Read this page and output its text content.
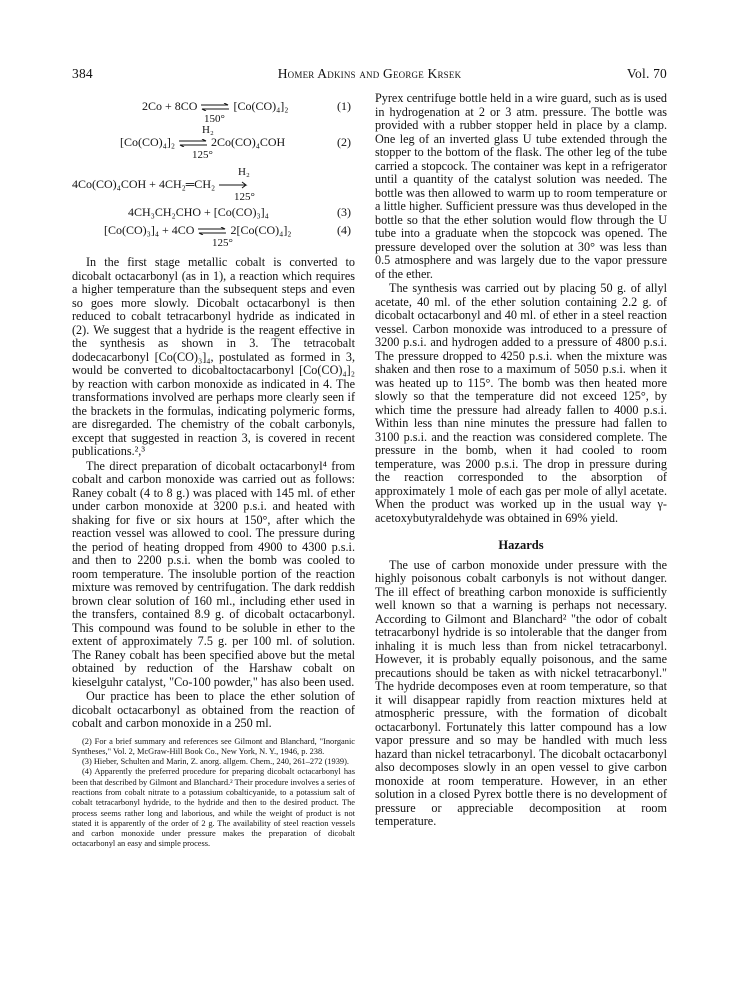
384	Homer Adkins and George Krsek	Vol. 70
2Co + 8CO ⇌ [Co(CO)₄]₂
150°
(1)
H₂
[Co(CO)₄]₂ ⇌ 2Co(CO)₄COH
125°
(2)
H₂
4Co(CO)₄COH + 4CH₂═CH₂ →
125°
4CH₃CH₂CHO + [Co(CO)₃]₄	(3)
[Co(CO)₃]₄ + 4CO ⇌ 2[Co(CO)₄]₂
125°
(4)

In the first stage metallic cobalt is converted to dicobalt octacarbonyl (as in 1), a reaction which requires a higher temperature than the subsequent steps and even so goes more slowly. Dicobalt octacarbonyl is then reduced to cobalt tetracarbonyl hydride as indicated in (2). We suggest that a hydride is the reagent effective in the synthesis as shown in 3. The tetracobalt dodecacarbonyl [Co(CO)₃]₄, postulated as formed in 3, would be converted to dicobaltoctacarbonyl [Co(CO)₄]₂ by reaction with carbon monoxide as indicated in 4. The transformations involved are perhaps more clearly seen if the brackets in the formulas, indicating polymeric forms, are disregarded. The chemistry of the cobalt carbonyls, except that suggested in reaction 3, is covered in recent publications.²,³

The direct preparation of dicobalt octacarbonyl⁴ from cobalt and carbon monoxide was carried out as follows: Raney cobalt (4 to 8 g.) was placed with 145 ml. of ether under carbon monoxide at 3200 p.s.i. and heated with shaking for five or six hours at 150°, after which the reaction vessel was allowed to cool. The pressure during the period of heating dropped from 4900 to 4300 p.s.i. and then to 2200 p.s.i. when the bomb was cooled to room temperature. The insoluble portion of the reaction mixture was removed by centrifugation. The dark reddish brown clear solution of 160 ml., including ether used in the transfers, contained 8.9 g. of dicobalt octacarbonyl. This compound was found to be soluble in ether to the extent of approximately 7.5 g. per 100 ml. of solution. The Raney cobalt has been specified above but the metal obtained by reduction of the Harshaw cobalt on kieselguhr catalyst, "Co-100 powder," has also been used.

Our practice has been to place the ether solution of dicobalt octacarbonyl as obtained from the reaction of cobalt and carbon monoxide in a 250 ml.

(2) For a brief summary and references see Gilmont and Blanchard, "Inorganic Syntheses," Vol. 2, McGraw-Hill Book Co., New York, N. Y., 1946, p. 238.

(3) Hieber, Schulten and Marin, Z. anorg. allgem. Chem., 240, 261–272 (1939).

(4) Apparently the preferred procedure for preparing dicobalt octacarbonyl has been that described by Gilmont and Blanchard.² Their procedure involves a series of reactions from cobalt nitrate to a potassium cobalticyanide, to a potassium salt of cobalt tetracarbonyl hydride, to the hydride and then to the desired product. The process seems rather long and laborious, and while the weight of product is not stated it is apparently of the order of 2 g. The availability of steel reaction vessels and carbon monoxide under pressure makes the preparation of dicobalt octacarbonyl an easy and simple process.

Pyrex centrifuge bottle held in a wire guard, such as is used in hydrogenation at 2 or 3 atm. pressure. The bottle was provided with a rubber stopper held in place by a clamp. One leg of an inverted glass U tube extended through the stopper to the bottom of the flask. The other leg of the tube carried a stopcock. The container was kept in a refrigerator until a quantity of the catalyst solution was needed. The bottle was then allowed to warm up to room temperature or a little higher. Sufficient pressure was thus developed in the bottle so that the ether solution would flow through the U tube into a graduate when the stopcock was opened. The pressure developed over the solution at 30° was less than 0.5 atmosphere and was largely due to the vapor pressure of the ether.

The synthesis was carried out by placing 50 g. of allyl acetate, 40 ml. of the ether solution containing 2.2 g. of dicobalt octacarbonyl and 40 ml. of ether in a steel reaction vessel. Carbon monoxide was introduced to a pressure of 3200 p.s.i. and hydrogen added to a pressure of 4800 p.s.i. The pressure dropped to 4250 p.s.i. when the mixture was shaken and then rose to a maximum of 5050 p.s.i. when it was heated up to 115°. The bomb was then heated more slowly so that the temperature did not exceed 125°, by which time the pressure had already fallen to 4000 p.s.i. Within less than nine minutes the pressure had fallen to 3100 p.s.i. and the reaction was considered complete. The pressure in the bomb, when it had cooled to room temperature, was 2000 p.s.i. The drop in pressure during the reaction corresponded to the absorption of approximately 1 mole of each gas per mole of allyl acetate. When the product was worked up in the usual way γ-acetoxybutyraldehyde was obtained in 69% yield.

Hazards

The use of carbon monoxide under pressure with the highly poisonous cobalt carbonyls is not without danger. The ill effect of breathing carbon monoxide is sufficiently well known so that a warning is perhaps not necessary. According to Gilmont and Blanchard² "the odor of cobalt tetracarbonyl hydride is so intolerable that the danger from inhaling it is much less than from nickel tetracarbonyl. However, it is probably equally poisonous, and the same precautions should be taken as with nickel tetracarbonyl." The hydride decomposes even at room temperature, so that it will disappear rapidly from reaction mixtures held at atmospheric pressure, with the formation of dicobalt octacarbonyl. Fortunately this latter compound has a low vapor pressure and so may be handled with much less hazard than nickel tetracarbonyl. The dicobalt octacarbonyl also decomposes slowly in an open vessel to give carbon monoxide at room temperature. However, in an ether solution in a closed Pyrex bottle there is no development of pressure or appreciable decomposition at room temperature.
